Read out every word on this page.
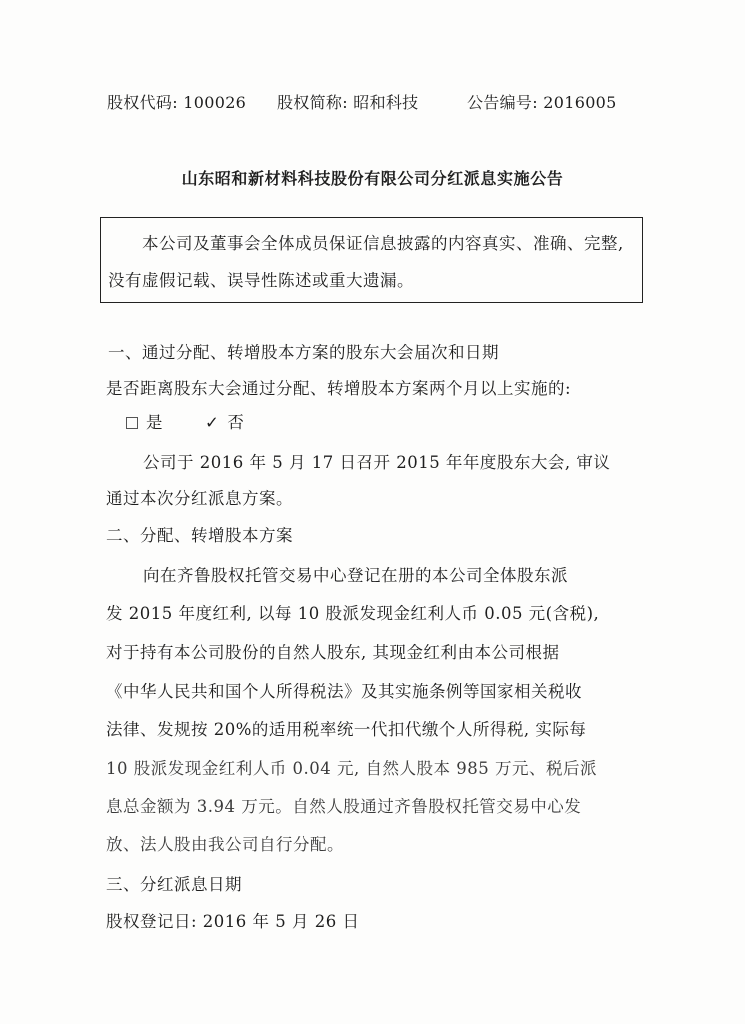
股权代码: 100026 股权简称: 昭和科技	公告编号: 2016005
山东昭和新材料科技股份有限公司分红派息实施公告
本公司及董事会全体成员保证信息披露的内容真实、准确、完整,
没有虚假记载、误导性陈述或重大遗漏。
一、通过分配、转增股本方案的股东大会届次和日期
是否距离股东大会通过分配、转增股本方案两个月以上实施的:
是	✓ 否
公司于 2016 年 5 月 17 日召开 2015 年年度股东大会, 审议
通过本次分红派息方案。
二、分配、转增股本方案
向在齐鲁股权托管交易中心登记在册的本公司全体股东派
发 2015 年度红利, 以每 10 股派发现金红利人币 0.05 元(含税),
对于持有本公司股份的自然人股东, 其现金红利由本公司根据
《中华人民共和国个人所得税法》及其实施条例等国家相关税收
法律、发规按 20%的适用税率统一代扣代缴个人所得税, 实际每
10 股派发现金红利人币 0.04 元, 自然人股本 985 万元、税后派
息总金额为 3.94 万元。自然人股通过齐鲁股权托管交易中心发
放、法人股由我公司自行分配。
三、分红派息日期
股权登记日: 2016 年 5 月 26 日
